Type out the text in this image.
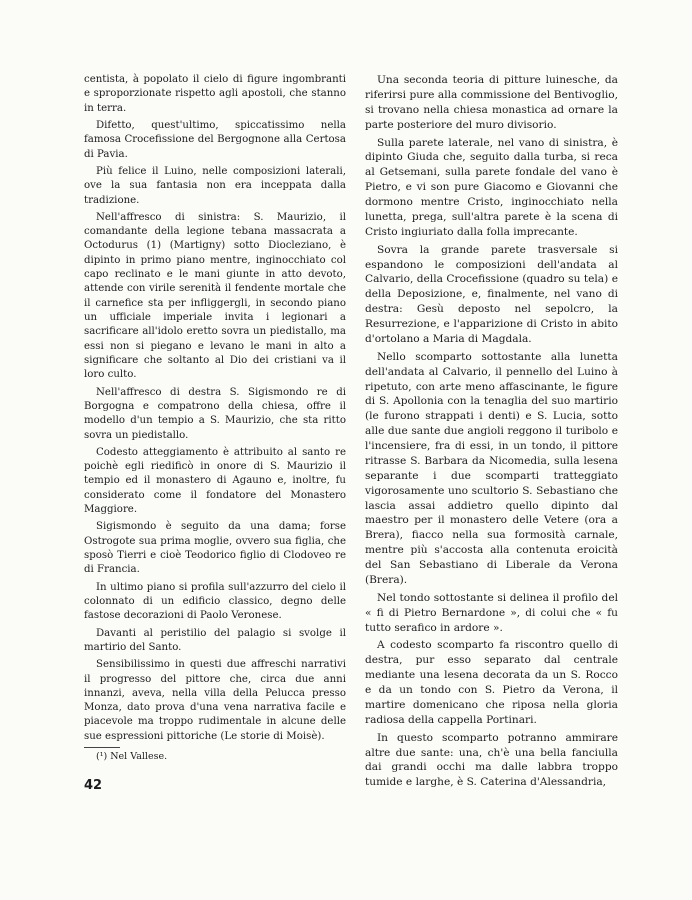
centista, à popolato il cielo di figure ingombranti e sproporzionate rispetto agli apostoli, che stanno in terra.

Difetto, quest'ultimo, spiccatissimo nella famosa Crocefissione del Bergognone alla Certosa di Pavia.

Più felice il Luino, nelle composizioni laterali, ove la sua fantasia non era inceppata dalla tradizione.

Nell'affresco di sinistra: S. Maurizio, il comandante della legione tebana massacrata a Octodurus (1) (Martigny) sotto Diocleziano, è dipinto in primo piano mentre, inginocchiato col capo reclinato e le mani giunte in atto devoto, attende con virile serenità il fendente mortale che il carnefice sta per infliggergli, in secondo piano un ufficiale imperiale invita i legionari a sacrificare all'idolo eretto sovra un piedistallo, ma essi non si piegano e levano le mani in alto a significare che soltanto al Dio dei cristiani va il loro culto.

Nell'affresco di destra S. Sigismondo re di Borgogna e compatrono della chiesa, offre il modello d'un tempio a S. Maurizio, che sta ritto sovra un piedistallo.

Codesto atteggiamento è attribuito al santo re poichè egli riedificò in onore di S. Maurizio il tempio ed il monastero di Agauno e, inoltre, fu considerato come il fondatore del Monastero Maggiore.

Sigismondo è seguito da una dama; forse Ostrogote sua prima moglie, ovvero sua figlia, che sposò Tierri e cioè Teodorico figlio di Clodoveo re di Francia.

In ultimo piano si profila sull'azzurro del cielo il colonnato di un edificio classico, degno delle fastose decorazioni di Paolo Veronese.

Davanti al peristilio del palagio si svolge il martirio del Santo.

Sensibilissimo in questi due affreschi narrativi il progresso del pittore che, circa due anni innanzi, aveva, nella villa della Pelucca presso Monza, dato prova d'una vena narrativa facile e piacevole ma troppo rudimentale in alcune delle sue espressioni pittoriche (Le storie di Moisè).

(¹) Nel Vallese.

Una seconda teoria di pitture luinesche, da riferirsi pure alla commissione del Bentivoglio, si trovano nella chiesa monastica ad ornare la parte posteriore del muro divisorio.

Sulla parete laterale, nel vano di sinistra, è dipinto Giuda che, seguito dalla turba, si reca al Getsemani, sulla parete fondale del vano è Pietro, e vi son pure Giacomo e Giovanni che dormono mentre Cristo, inginocchiato nella lunetta, prega, sull'altra parete è la scena di Cristo ingiuriato dalla folla imprecante.

Sovra la grande parete trasversale si espandono le composizioni dell'andata al Calvario, della Crocefissione (quadro su tela) e della Deposizione, e, finalmente, nel vano di destra: Gesù deposto nel sepolcro, la Resurrezione, e l'apparizione di Cristo in abito d'ortolano a Maria di Magdala.

Nello scomparto sottostante alla lunetta dell'andata al Calvario, il pennello del Luino à ripetuto, con arte meno affascinante, le figure di S. Apollonia con la tenaglia del suo martirio (le furono strappati i denti) e S. Lucia, sotto alle due sante due angioli reggono il turibolo e l'incensiere, fra di essi, in un tondo, il pittore ritrasse S. Barbara da Nicomedia, sulla lesena separante i due scomparti tratteggiato vigorosamente uno scultorio S. Sebastiano che lascia assai addietro quello dipinto dal maestro per il monastero delle Vetere (ora a Brera), fiacco nella sua formosità carnale, mentre più s'accosta alla contenuta eroicità del San Sebastiano di Liberale da Verona (Brera).

Nel tondo sottostante si delinea il profilo del « fi di Pietro Bernardone », di colui che « fu tutto serafico in ardore ».

A codesto scomparto fa riscontro quello di destra, pur esso separato dal centrale mediante una lesena decorata da un S. Rocco e da un tondo con S. Pietro da Verona, il martire domenicano che riposa nella gloria radiosa della cappella Portinari.

In questo scomparto potranno ammirare altre due sante: una, ch'è una bella fanciulla dai grandi occhi ma dalle labbra troppo tumide e larghe, è S. Caterina d'Alessandria,

42
